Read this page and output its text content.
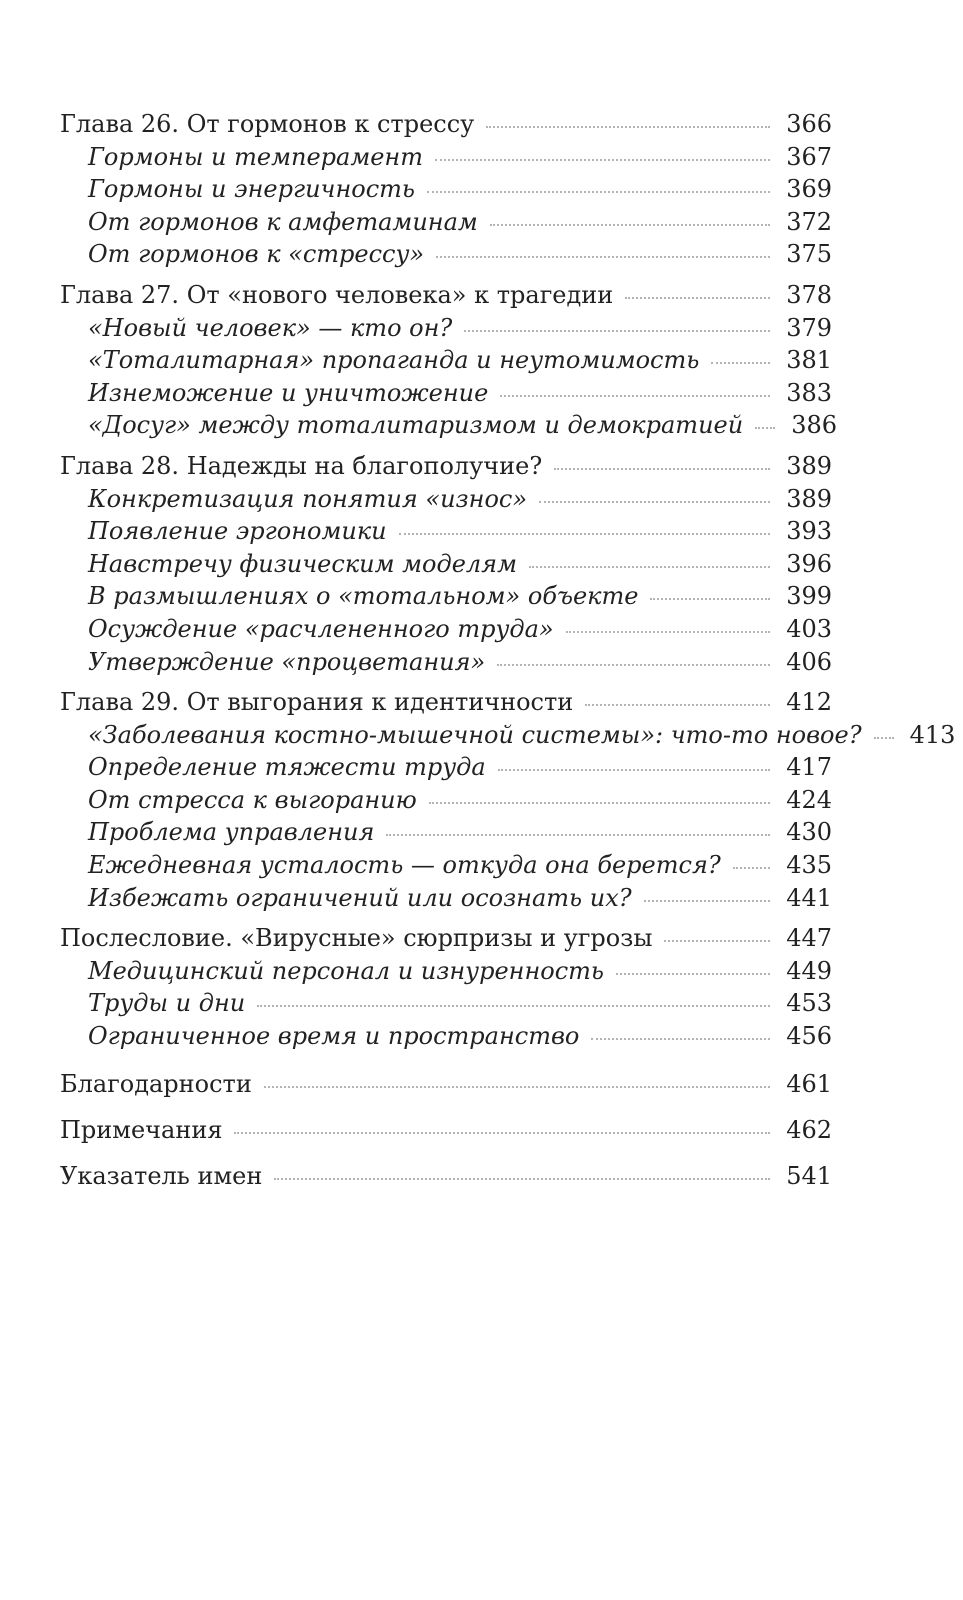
Глава 26. От гормонов к стрессу	366
Гормоны и темперамент	367
Гормоны и энергичность	369
От гормонов к амфетаминам	372
От гормонов к «стрессу»	375
Глава 27. От «нового человека» к трагедии	378
«Новый человек» — кто он?	379
«Тоталитарная» пропаганда и неутомимость	381
Изнеможение и уничтожение	383
«Досуг» между тоталитаризмом и демократией 386
Глава 28. Надежды на благополучие?	389
Конкретизация понятия «износ»	389
Появление эргономики	393
Навстречу физическим моделям	396
В размышлениях о «тотальном» объекте	399
Осуждение «расчлененного труда»	403
Утверждение «процветания»	406
Глава 29. От выгорания к идентичности	412
«Заболевания костно-мышечной системы»: что-то новое? 413
Определение тяжести труда	417
От стресса к выгоранию	424
Проблема управления	430
Ежедневная усталость — откуда она берется?	435
Избежать ограничений или осознать их?	441
Послесловие. «Вирусные» сюрпризы и угрозы	447
Медицинский персонал и изнуренность	449
Труды и дни	453
Ограниченное время и пространство	456
Благодарности	461
Примечания	462
Указатель имен	541
